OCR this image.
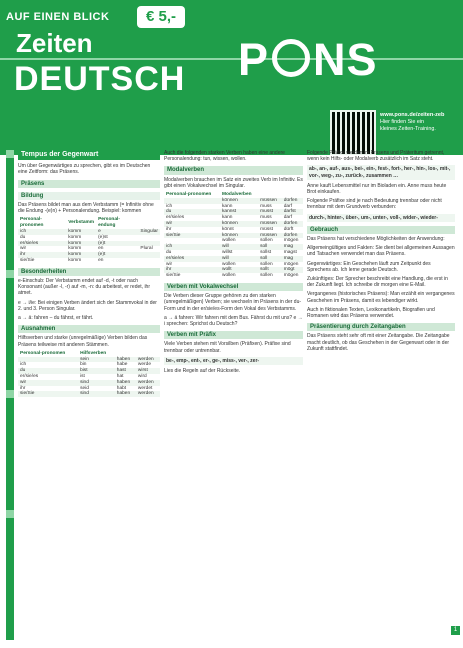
AUF EINEN BLICK	€ 5,-
Zeiten
DEUTSCH P NS
www.pons.de/zeiten-zeb
Hier finden Sie ein
kleines Zeiten-Training.
Tempus der Gegenwart

Um über Gegenwärtiges zu sprechen, gibt es im Deutschen eine Zeitform: das Präsens.

Präsens
Bildung

Das Präsens bildet man aus dem Verbstamm (= Infinitiv ohne die Endung -(e)n) + Personalendung. Beispiel: kommen

Personal-pronomen	Verbstamm	Personal-endung	
ich	komm	e	Singular
du	komm	(e)st	
er/sie/es	komm	(e)t	
wir	komm	en	Plural
ihr	komm	(e)t	
sie/Sie	komm	en	
Besonderheiten

e-Einschub: Der Verbstamm endet auf -d, -t oder nach Konsonant (außer -l, -r) auf -m, -n: du arbeitest, er redet, ihr atmet.

e → i/ie: Bei einigen Verben ändert sich der Stammvokal in der 2. und 3. Person Singular.

a → ä: fahren – du fährst, er fährt.

Ausnahmen

Hilfsverben und starke (unregelmäßige) Verben bilden das Präsens teilweise mit anderen Stämmen.

Personal-pronomen	Hilfsverben		
	sein	haben	werden
ich	bin	habe	werde
du	bist	hast	wirst
er/sie/es	ist	hat	wird
wir	sind	haben	werden
ihr	seid	habt	werdet
sie/Sie	sind	haben	werden

Auch die folgenden starken Verben haben eine andere Personalendung: tun, wissen, wollen.

Modalverben

Modalverben brauchen im Satz ein zweites Verb im Infinitiv. Es gibt einen Vokalwechsel im Singular.

Personal-pronomen	Modalverben		
	können	müssen	dürfen
ich	kann	muss	darf
du	kannst	musst	darfst
er/sie/es	kann	muss	darf
wir	können	müssen	dürfen
ihr	könnt	müsst	dürft
sie/Sie	können	müssen	dürfen
	wollen	sollen	mögen
ich	will	soll	mag
du	willst	sollst	magst
er/sie/es	will	soll	mag
wir	wollen	sollen	mögen
ihr	wollt	sollt	mögt
sie/Sie	wollen	sollen	mögen
Verben mit Vokalwechsel

Die Verben dieser Gruppe gehören zu den starken (unregelmäßigen) Verben; sie wechseln im Präsens in der du-Form und in der er/sie/es-Form den Vokal des Verbstamms.

a → ä fahren: Wir fahren mit dem Bus. Fährst du mit uns? e → i sprechen: Sprichst du Deutsch?

Verben mit Präfix

Viele Verben stehen mit Vorsilben (Präfixen). Präfixe sind trennbar oder untrennbar.

be-, emp-, ent-, er-, ge-, miss-, ver-, zer-

Lies die Regeln auf der Rückseite.

Folgende Präfixe werden im Präsens und Präteritum getrennt, wenn kein Hilfs- oder Modalverb zusätzlich im Satz steht.

ab-, an-, auf-, aus-, bei-, ein-, fest-, fort-, her-, hin-, los-, mit-, vor-, weg-, zu-, zurück-, zusammen …

Anne kauft Lebensmittel nur im Bioladen ein. Anne muss heute Brot einkaufen.

Folgende Präfixe sind je nach Bedeutung trennbar oder nicht trennbar mit dem Grundverb verbunden:

durch-, hinter-, über-, um-, unter-, voll-, wider-, wieder-

Gebrauch

Das Präsens hat verschiedene Möglichkeiten der Anwendung:

Allgemeingültiges und Fakten: Sie dient bei allgemeinen Aussagen und Tatsachen verwendet man das Präsens.

Gegenwärtiges: Ein Geschehen läuft zum Zeitpunkt des Sprechens ab. Ich lerne gerade Deutsch.

Zukünftiges: Der Sprecher beschreibt eine Handlung, die erst in der Zukunft liegt. Ich schreibe dir morgen eine E-Mail.

Vergangenes (historisches Präsens): Man erzählt ein vergangenes Geschehen im Präsens, damit es lebendiger wirkt.

Auch in fiktionalen Texten, Lexikonartikeln, Biografien und Romanen wird das Präsens verwendet.

Präsentierung durch Zeitangaben

Das Präsens steht sehr oft mit einer Zeitangabe. Die Zeitangabe macht deutlich, ob das Geschehen in der Gegenwart oder in der Zukunft stattfindet.

1
